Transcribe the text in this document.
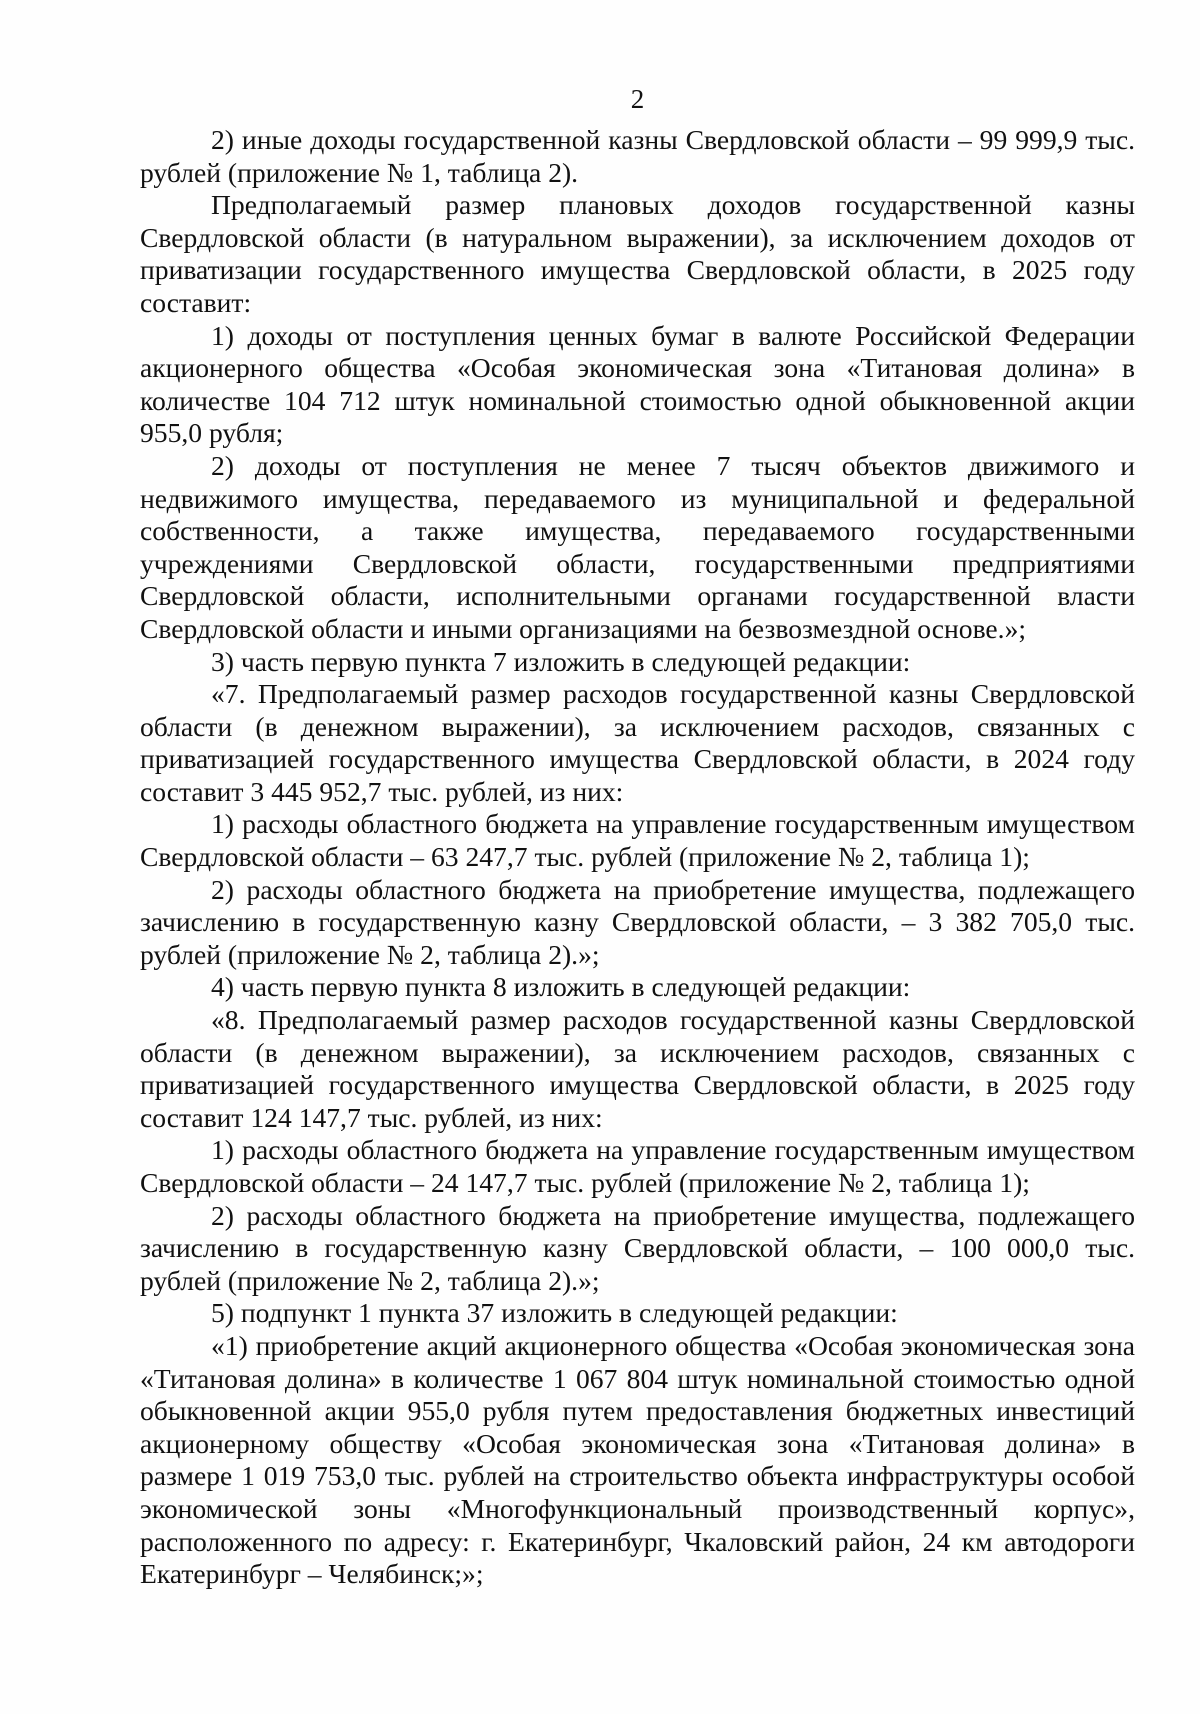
2

2) иные доходы государственной казны Свердловской области – 99 999,9 тыс. рублей (приложение № 1, таблица 2).

Предполагаемый размер плановых доходов государственной казны Свердловской области (в натуральном выражении), за исключением доходов от приватизации государственного имущества Свердловской области, в 2025 году составит:

1) доходы от поступления ценных бумаг в валюте Российской Федерации акционерного общества «Особая экономическая зона «Титановая долина» в количестве 104 712 штук номинальной стоимостью одной обыкновенной акции 955,0 рубля;

2) доходы от поступления не менее 7 тысяч объектов движимого и недвижимого имущества, передаваемого из муниципальной и федеральной собственности, а также имущества, передаваемого государственными учреждениями Свердловской области, государственными предприятиями Свердловской области, исполнительными органами государственной власти Свердловской области и иными организациями на безвозмездной основе.»;

3) часть первую пункта 7 изложить в следующей редакции:

«7. Предполагаемый размер расходов государственной казны Свердловской области (в денежном выражении), за исключением расходов, связанных с приватизацией государственного имущества Свердловской области, в 2024 году составит 3 445 952,7 тыс. рублей, из них:

1) расходы областного бюджета на управление государственным имуществом Свердловской области – 63 247,7 тыс. рублей (приложение № 2, таблица 1);

2) расходы областного бюджета на приобретение имущества, подлежащего зачислению в государственную казну Свердловской области, – 3 382 705,0 тыс. рублей (приложение № 2, таблица 2).»;

4) часть первую пункта 8 изложить в следующей редакции:

«8. Предполагаемый размер расходов государственной казны Свердловской области (в денежном выражении), за исключением расходов, связанных с приватизацией государственного имущества Свердловской области, в 2025 году составит 124 147,7 тыс. рублей, из них:

1) расходы областного бюджета на управление государственным имуществом Свердловской области – 24 147,7 тыс. рублей (приложение № 2, таблица 1);

2) расходы областного бюджета на приобретение имущества, подлежащего зачислению в государственную казну Свердловской области, – 100 000,0 тыс. рублей (приложение № 2, таблица 2).»;

5) подпункт 1 пункта 37 изложить в следующей редакции:

«1) приобретение акций акционерного общества «Особая экономическая зона «Титановая долина» в количестве 1 067 804 штук номинальной стоимостью одной обыкновенной акции 955,0 рубля путем предоставления бюджетных инвестиций акционерному обществу «Особая экономическая зона «Титановая долина» в размере 1 019 753,0 тыс. рублей на строительство объекта инфраструктуры особой экономической зоны «Многофункциональный производственный корпус», расположенного по адресу: г. Екатеринбург, Чкаловский район, 24 км автодороги Екатеринбург – Челябинск;»;
